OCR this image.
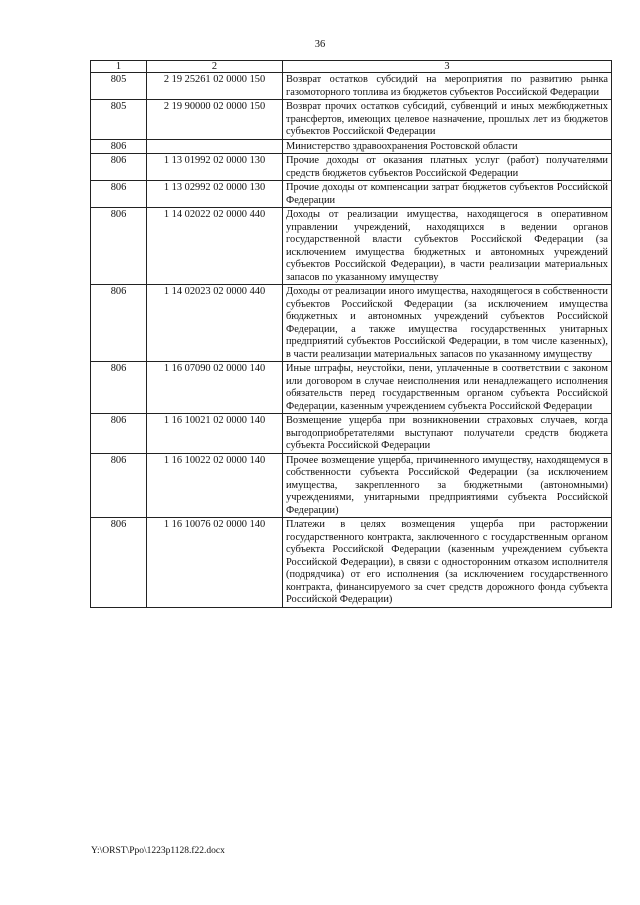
36
1	2	3
805	2 19 25261 02 0000 150	Возврат остатков субсидий на мероприятия по развитию рынка газомоторного топлива из бюджетов субъектов Российской Федерации
805	2 19 90000 02 0000 150	Возврат прочих остатков субсидий, субвенций и иных межбюджетных трансфертов, имеющих целевое назначение, прошлых лет из бюджетов субъектов Российской Федерации
806		Министерство здравоохранения Ростовской области
806	1 13 01992 02 0000 130	Прочие доходы от оказания платных услуг (работ) получателями средств бюджетов субъектов Российской Федерации
806	1 13 02992 02 0000 130	Прочие доходы от компенсации затрат бюджетов субъектов Российской Федерации
806	1 14 02022 02 0000 440	Доходы от реализации имущества, находящегося в оперативном управлении учреждений, находящихся в ведении органов государственной власти субъектов Российской Федерации (за исключением имущества бюджетных и автономных учреждений субъектов Российской Федерации), в части реализации материальных запасов по указанному имуществу
806	1 14 02023 02 0000 440	Доходы от реализации иного имущества, находящегося в собственности субъектов Российской Федерации (за исключением имущества бюджетных и автономных учреждений субъектов Российской Федерации, а также имущества государственных унитарных предприятий субъектов Российской Федерации, в том числе казенных), в части реализации материальных запасов по указанному имуществу
806	1 16 07090 02 0000 140	Иные штрафы, неустойки, пени, уплаченные в соответствии с законом или договором в случае неисполнения или ненадлежащего исполнения обязательств перед государственным органом субъекта Российской Федерации, казенным учреждением субъекта Российской Федерации
806	1 16 10021 02 0000 140	Возмещение ущерба при возникновении страховых случаев, когда выгодоприобретателями выступают получатели средств бюджета субъекта Российской Федерации
806	1 16 10022 02 0000 140	Прочее возмещение ущерба, причиненного имуществу, находящемуся в собственности субъекта Российской Федерации (за исключением имущества, закрепленного за бюджетными (автономными) учреждениями, унитарными предприятиями субъекта Российской Федерации)
806	1 16 10076 02 0000 140	Платежи в целях возмещения ущерба при расторжении государственного контракта, заключенного с государственным органом субъекта Российской Федерации (казенным учреждением субъекта Российской Федерации), в связи с односторонним отказом исполнителя (подрядчика) от его исполнения (за исключением государственного контракта, финансируемого за счет средств дорожного фонда субъекта Российской Федерации)
Y:\ORST\Ppo\1223p1128.f22.docx
